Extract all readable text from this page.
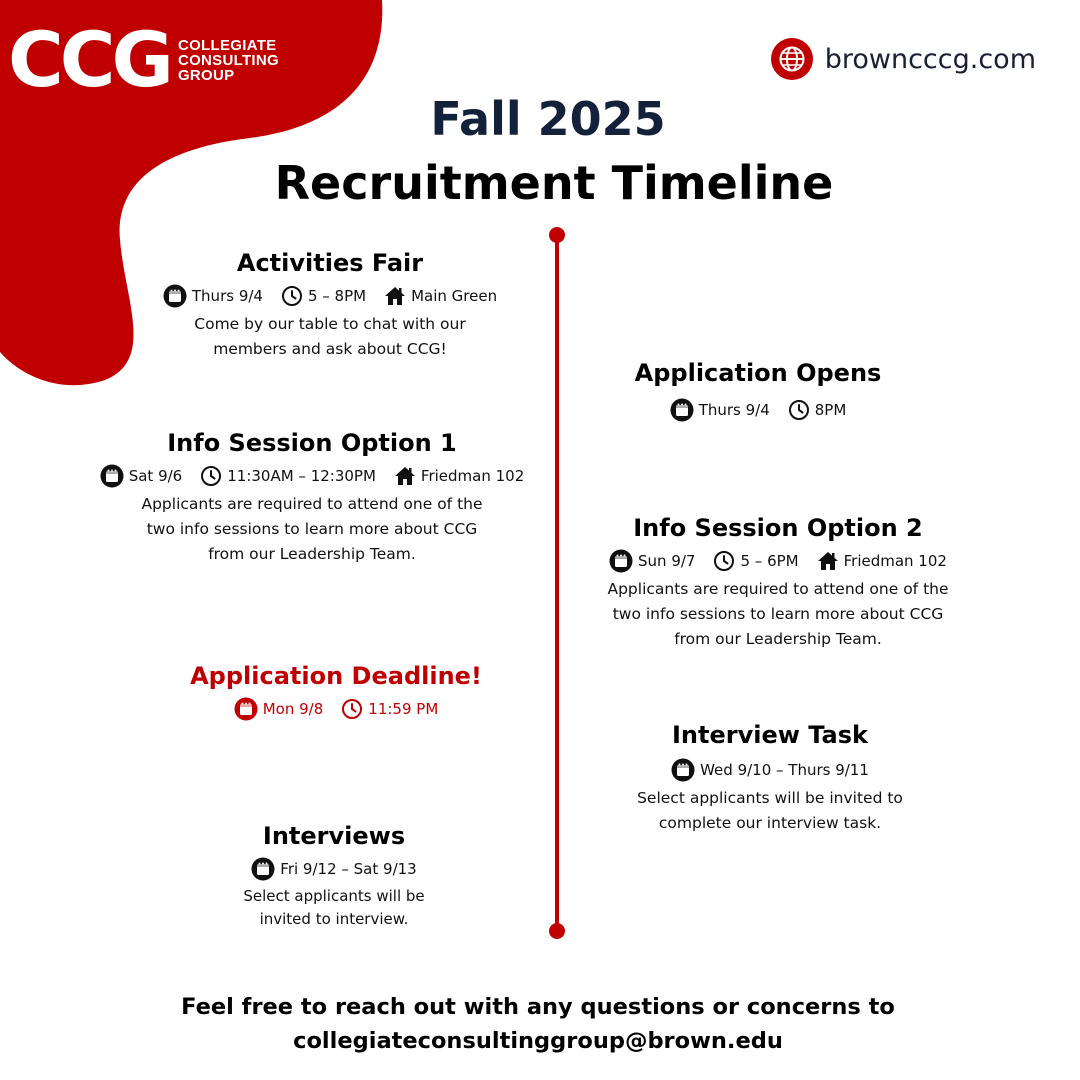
CCG COLLEGIATE
CONSULTING
GROUP
browncccg.com
Fall 2025
Recruitment Timeline
Activities Fair
Thurs 9/4	5 – 8PM	Main Green
Come by our table to chat with our
members and ask about CCG!
Application Opens
Thurs 9/4	8PM
Info Session Option 1
Sat 9/6	11:30AM – 12:30PM	Friedman 102
Applicants are required to attend one of the
two info sessions to learn more about CCG
from our Leadership Team.
Info Session Option 2
Sun 9/7	5 – 6PM	Friedman 102
Applicants are required to attend one of the
two info sessions to learn more about CCG
from our Leadership Team.
Application Deadline!
Mon 9/8	11:59 PM
Interview Task
Wed 9/10 – Thurs 9/11
Select applicants will be invited to
complete our interview task.
Interviews
Fri 9/12 – Sat 9/13
Select applicants will be
invited to interview.
Feel free to reach out with any questions or concerns to
collegiateconsultinggroup@brown.edu
